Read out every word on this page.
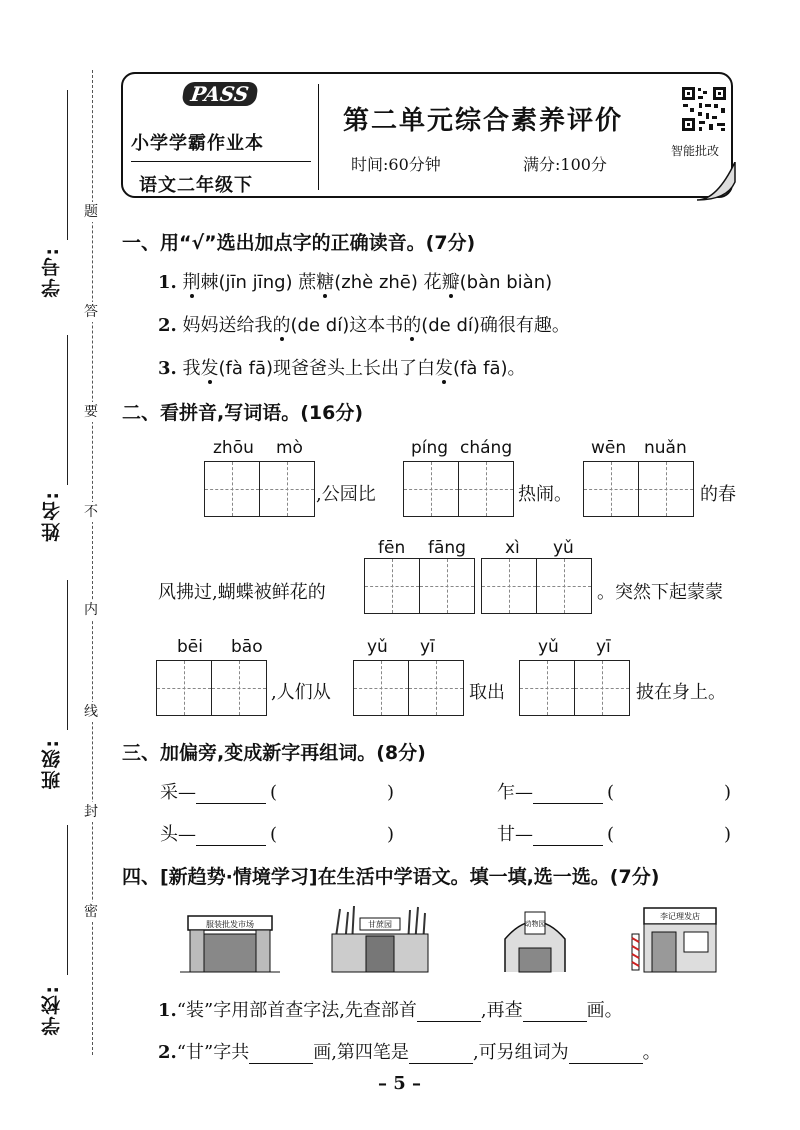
题
答
要
不
内
线
封
密
学号:
姓名:
班级:
学校:
PASS
小学学霸作业本
语文二年级下
第二单元综合素养评价
时间:60分钟	满分:100分
智能批改
一、用“√”选出加点字的正确读音。(7分)
1. 荆棘(jīn jīng) 蔗糖(zhè zhē) 花瓣(bàn biàn)
2. 妈妈送给我的(de dí)这本书的(de dí)确很有趣。
3. 我发(fà fā)现爸爸头上长出了白发(fà fā)。
二、看拼音,写词语。(16分)
zhōu mò
,公园比
píng cháng
热闹。
wēn nuǎn
的春
风拂过,蝴蝶被鲜花的
fēn fāng xì yǔ
。突然下起蒙蒙
bēi bāo
,人们从
yǔ yī
取出
yǔ yī
披在身上。
三、加偏旁,变成新字再组词。(8分)
采—	(	)	乍—	(	)
头—	(	)	甘—	(	)
四、[新趋势·情境学习]在生活中学语文。填一填,选一选。(7分)
服装批发市场	甘蔗园	动物园
李记理发店
1.“装”字用部首查字法,先查部首	,再查	画。
2.“甘”字共	画,第四笔是	,可另组词为	。
– 5 –
